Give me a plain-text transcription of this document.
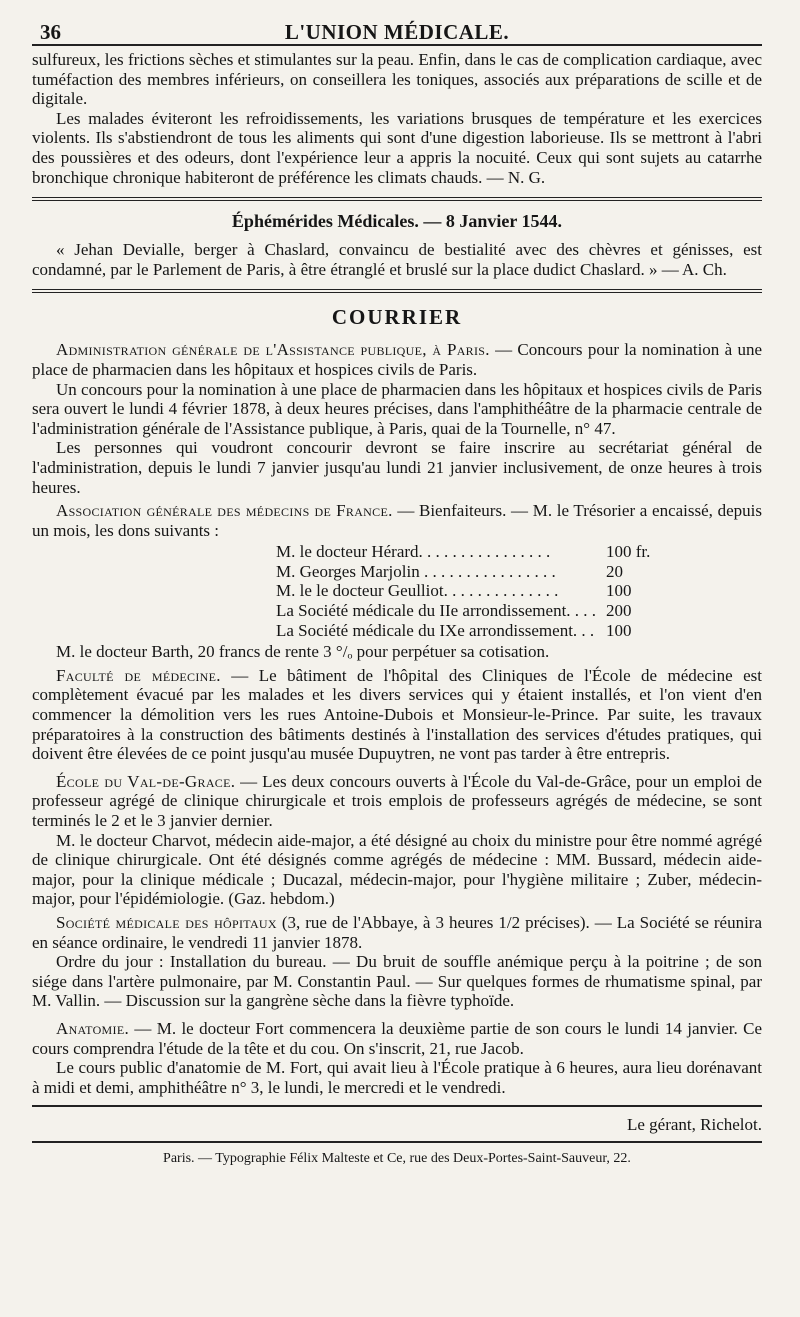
36	L'UNION MÉDICALE.

sulfureux, les frictions sèches et stimulantes sur la peau. Enfin, dans le cas de complication cardiaque, avec tuméfaction des membres inférieurs, on conseillera les toniques, associés aux préparations de scille et de digitale.

Les malades éviteront les refroidissements, les variations brusques de température et les exercices violents. Ils s'abstiendront de tous les aliments qui sont d'une digestion laborieuse. Ils se mettront à l'abri des poussières et des odeurs, dont l'expérience leur a appris la nocuité. Ceux qui sont sujets au catarrhe bronchique chronique habiteront de préférence les climats chauds. — N. G.

Éphémérides Médicales. — 8 Janvier 1544.

« Jehan Devialle, berger à Chaslard, convaincu de bestialité avec des chèvres et génisses, est condamné, par le Parlement de Paris, à être étranglé et bruslé sur la place dudict Chaslard. » — A. Ch.

COURRIER

Administration générale de l'Assistance publique, à Paris. — Concours pour la nomination à une place de pharmacien dans les hôpitaux et hospices civils de Paris.

Un concours pour la nomination à une place de pharmacien dans les hôpitaux et hospices civils de Paris sera ouvert le lundi 4 février 1878, à deux heures précises, dans l'amphithéâtre de la pharmacie centrale de l'administration générale de l'Assistance publique, à Paris, quai de la Tournelle, n° 47.

Les personnes qui voudront concourir devront se faire inscrire au secrétariat général de l'administration, depuis le lundi 7 janvier jusqu'au lundi 21 janvier inclusivement, de onze heures à trois heures.

Association générale des médecins de France. — Bienfaiteurs. — M. le Trésorier a encaissé, depuis un mois, les dons suivants :

M. le docteur Hérard. . . . . . . . . . . . . . . .	100 fr.
M. Georges Marjolin . . . . . . . . . . . . . . . .	20
M. le le docteur Geulliot. . . . . . . . . . . . . .	100
La Société médicale du IIe arrondissement. . . . 200
La Société médicale du IXe arrondissement. . . 100

M. le docteur Barth, 20 francs de rente 3 °/ₒ pour perpétuer sa cotisation.

Faculté de médecine. — Le bâtiment de l'hôpital des Cliniques de l'École de médecine est complètement évacué par les malades et les divers services qui y étaient installés, et l'on vient d'en commencer la démolition vers les rues Antoine-Dubois et Monsieur-le-Prince. Par suite, les travaux préparatoires à la construction des bâtiments destinés à l'installation des services d'études pratiques, qui doivent être élevées de ce point jusqu'au musée Dupuytren, ne vont pas tarder à être entrepris.

École du Val-de-Grace. — Les deux concours ouverts à l'École du Val-de-Grâce, pour un emploi de professeur agrégé de clinique chirurgicale et trois emplois de professeurs agrégés de médecine, se sont terminés le 2 et le 3 janvier dernier.

M. le docteur Charvot, médecin aide-major, a été désigné au choix du ministre pour être nommé agrégé de clinique chirurgicale. Ont été désignés comme agrégés de médecine : MM. Bussard, médecin aide-major, pour la clinique médicale ; Ducazal, médecin-major, pour l'hygiène militaire ; Zuber, médecin-major, pour l'épidémiologie. (Gaz. hebdom.)

Société médicale des hôpitaux (3, rue de l'Abbaye, à 3 heures 1/2 précises). — La Société se réunira en séance ordinaire, le vendredi 11 janvier 1878.

Ordre du jour : Installation du bureau. — Du bruit de souffle anémique perçu à la poitrine ; de son siége dans l'artère pulmonaire, par M. Constantin Paul. — Sur quelques formes de rhumatisme spinal, par M. Vallin. — Discussion sur la gangrène sèche dans la fièvre typhoïde.

Anatomie. — M. le docteur Fort commencera la deuxième partie de son cours le lundi 14 janvier. Ce cours comprendra l'étude de la tête et du cou. On s'inscrit, 21, rue Jacob.

Le cours public d'anatomie de M. Fort, qui avait lieu à l'École pratique à 6 heures, aura lieu dorénavant à midi et demi, amphithéâtre n° 3, le lundi, le mercredi et le vendredi.

Le gérant, Richelot.
Paris. — Typographie Félix Malteste et Ce, rue des Deux-Portes-Saint-Sauveur, 22.
